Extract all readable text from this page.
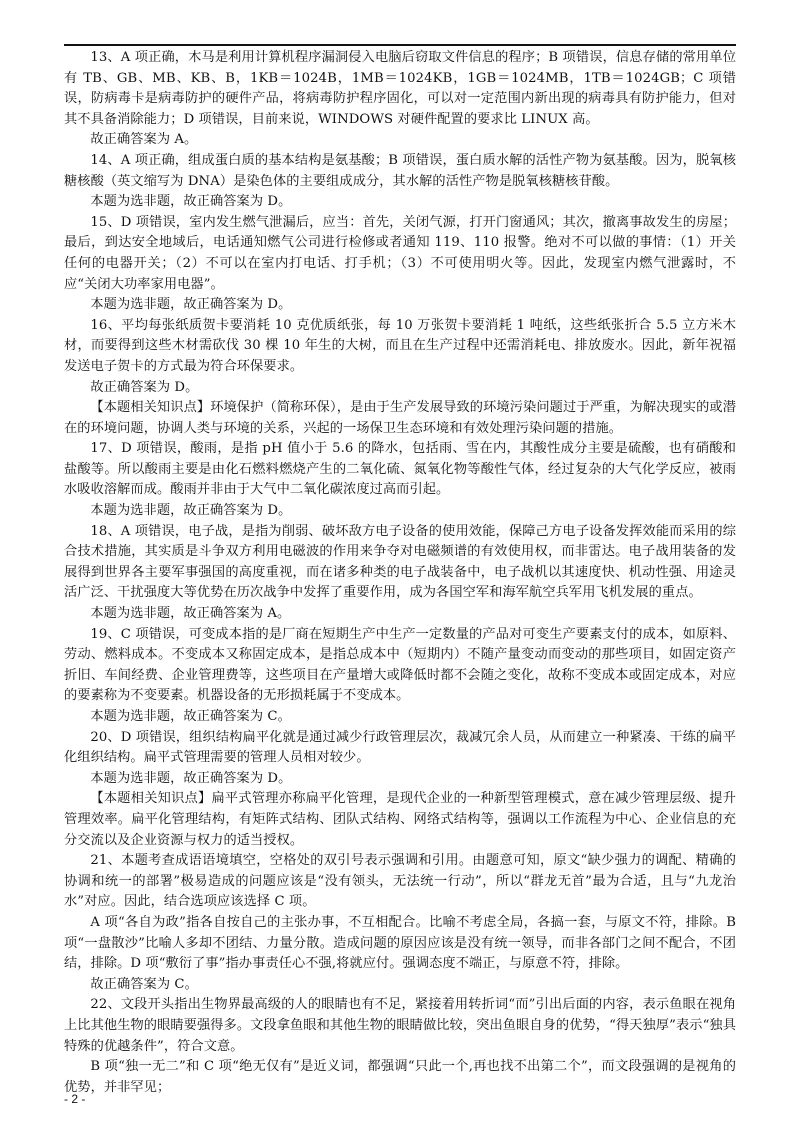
13、A 项正确，木马是利用计算机程序漏洞侵入电脑后窃取文件信息的程序；B 项错误，信息存储的常用单位有 TB、GB、MB、KB、B，1KB＝1024B，1MB＝1024KB，1GB＝1024MB，1TB＝1024GB；C 项错误，防病毒卡是病毒防护的硬件产品，将病毒防护程序固化，可以对一定范围内新出现的病毒具有防护能力，但对其不具备消除能力；D 项错误，目前来说，WINDOWS 对硬件配置的要求比 LINUX 高。

故正确答案为 A。

14、A 项正确，组成蛋白质的基本结构是氨基酸；B 项错误，蛋白质水解的活性产物为氨基酸。因为，脱氧核糖核酸（英文缩写为 DNA）是染色体的主要组成成分，其水解的活性产物是脱氧核糖核苷酸。

本题为选非题，故正确答案为 D。

15、D 项错误，室内发生燃气泄漏后，应当：首先，关闭气源，打开门窗通风；其次，撤离事故发生的房屋；最后，到达安全地域后，电话通知燃气公司进行检修或者通知 119、110 报警。绝对不可以做的事情：（1）开关任何的电器开关；（2）不可以在室内打电话、打手机；（3）不可使用明火等。因此，发现室内燃气泄露时，不应“关闭大功率家用电器”。

本题为选非题，故正确答案为 D。

16、平均每张纸质贺卡要消耗 10 克优质纸张，每 10 万张贺卡要消耗 1 吨纸，这些纸张折合 5.5 立方米木材，而要得到这些木材需砍伐 30 棵 10 年生的大树，而且在生产过程中还需消耗电、排放废水。因此，新年祝福发送电子贺卡的方式最为符合环保要求。

故正确答案为 D。

【本题相关知识点】环境保护（简称环保），是由于生产发展导致的环境污染问题过于严重，为解决现实的或潜在的环境问题，协调人类与环境的关系，兴起的一场保卫生态环境和有效处理污染问题的措施。

17、D 项错误，酸雨，是指 pH 值小于 5.6 的降水，包括雨、雪在内，其酸性成分主要是硫酸，也有硝酸和盐酸等。所以酸雨主要是由化石燃料燃烧产生的二氧化硫、氮氧化物等酸性气体，经过复杂的大气化学反应，被雨水吸收溶解而成。酸雨并非由于大气中二氧化碳浓度过高而引起。

本题为选非题，故正确答案为 D。

18、A 项错误，电子战，是指为削弱、破坏敌方电子设备的使用效能，保障己方电子设备发挥效能而采用的综合技术措施，其实质是斗争双方利用电磁波的作用来争夺对电磁频谱的有效使用权，而非雷达。电子战用装备的发展得到世界各主要军事强国的高度重视，而在诸多种类的电子战装备中，电子战机以其速度快、机动性强、用途灵活广泛、干扰强度大等优势在历次战争中发挥了重要作用，成为各国空军和海军航空兵军用飞机发展的重点。

本题为选非题，故正确答案为 A。

19、C 项错误，可变成本指的是厂商在短期生产中生产一定数量的产品对可变生产要素支付的成本，如原料、劳动、燃料成本。不变成本又称固定成本，是指总成本中（短期内）不随产量变动而变动的那些项目，如固定资产折旧、车间经费、企业管理费等，这些项目在产量增大或降低时都不会随之变化，故称不变成本或固定成本，对应的要素称为不变要素。机器设备的无形损耗属于不变成本。

本题为选非题，故正确答案为 C。

20、D 项错误，组织结构扁平化就是通过减少行政管理层次，裁减冗余人员，从而建立一种紧凑、干练的扁平化组织结构。扁平式管理需要的管理人员相对较少。

本题为选非题，故正确答案为 D。

【本题相关知识点】扁平式管理亦称扁平化管理，是现代企业的一种新型管理模式，意在减少管理层级、提升管理效率。扁平化管理结构，有矩阵式结构、团队式结构、网络式结构等，强调以工作流程为中心、企业信息的充分交流以及企业资源与权力的适当授权。

21、本题考查成语语境填空，空格处的双引号表示强调和引用。由题意可知，原文“缺少强力的调配、精确的协调和统一的部署”极易造成的问题应该是“没有领头，无法统一行动”，所以“群龙无首”最为合适，且与“九龙治水”对应。因此，结合选项应该选择 C 项。

A 项“各自为政”指各自按自己的主张办事，不互相配合。比喻不考虑全局，各搞一套，与原文不符，排除。B 项“一盘散沙”比喻人多却不团结、力量分散。造成问题的原因应该是没有统一领导，而非各部门之间不配合，不团结，排除。D 项“敷衍了事”指办事责任心不强,将就应付。强调态度不端正，与原意不符，排除。

故正确答案为 C。

22、文段开头指出生物界最高级的人的眼睛也有不足，紧接着用转折词“而”引出后面的内容，表示鱼眼在视角上比其他生物的眼睛要强得多。文段拿鱼眼和其他生物的眼睛做比较，突出鱼眼自身的优势，“得天独厚”表示“独具特殊的优越条件”，符合文意。

B 项“独一无二”和 C 项“绝无仅有”是近义词，都强调“只此一个,再也找不出第二个”，而文段强调的是视角的优势，并非罕见；

- 2 -
